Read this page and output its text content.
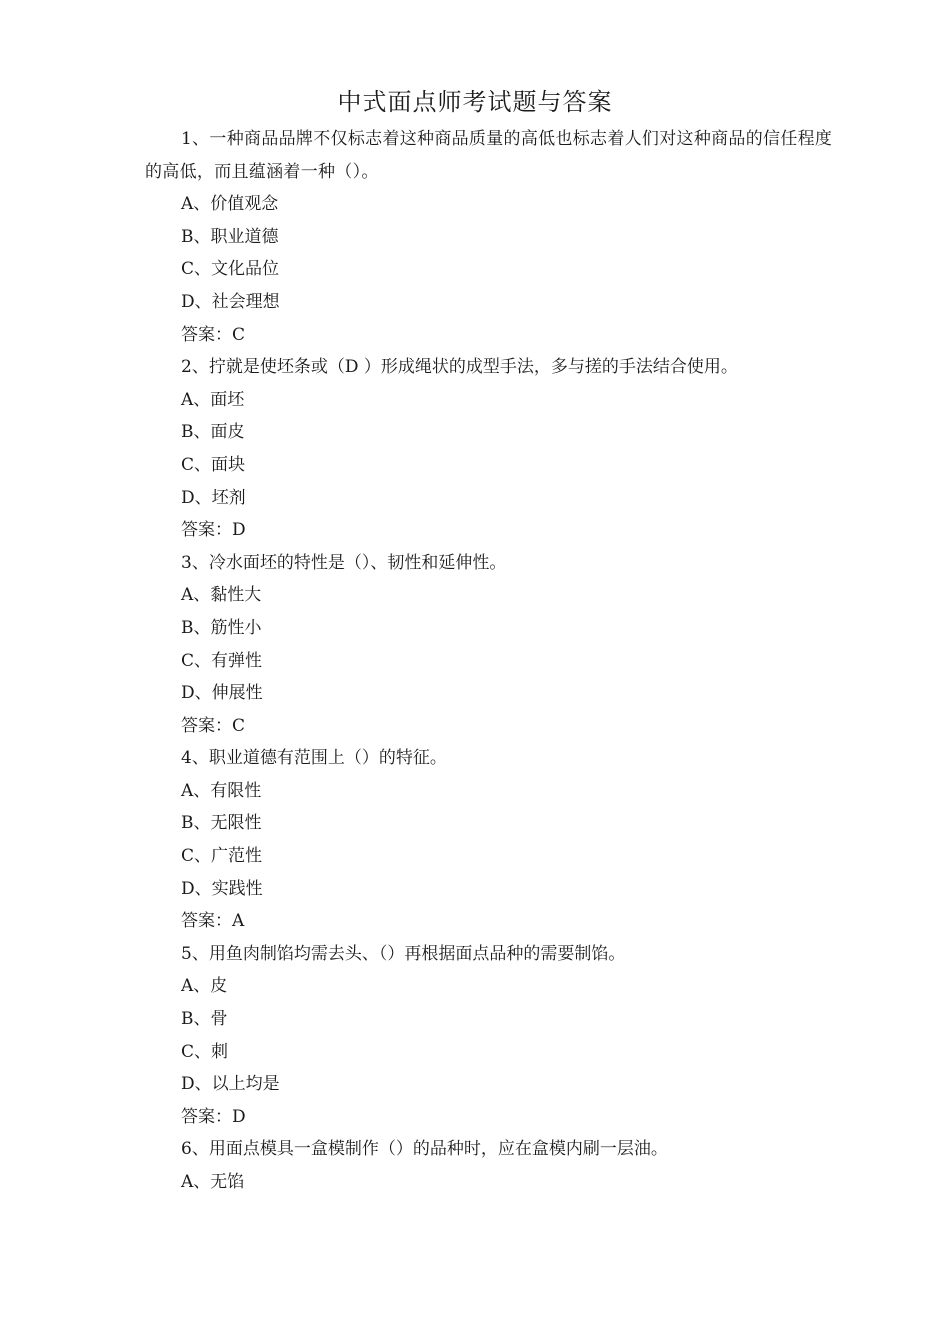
中式面点师考试题与答案
1、一种商品品牌不仅标志着这种商品质量的高低也标志着人们对这种商品的信任程度的高低，而且蕴涵着一种（）。
A、价值观念
B、职业道德
C、文化品位
D、社会理想
答案：C
2、拧就是使坯条或（D ）形成绳状的成型手法，多与搓的手法结合使用。
A、面坯
B、面皮
C、面块
D、坯剂
答案：D
3、冷水面坯的特性是（）、韧性和延伸性。
A、黏性大
B、筋性小
C、有弹性
D、伸展性
答案：C
4、职业道德有范围上（）的特征。
A、有限性
B、无限性
C、广范性
D、实践性
答案：A
5、用鱼肉制馅均需去头、（）再根据面点品种的需要制馅。
A、皮
B、骨
C、刺
D、以上均是
答案：D
6、用面点模具一盒模制作（）的品种时，应在盒模内刷一层油。
A、无馅
